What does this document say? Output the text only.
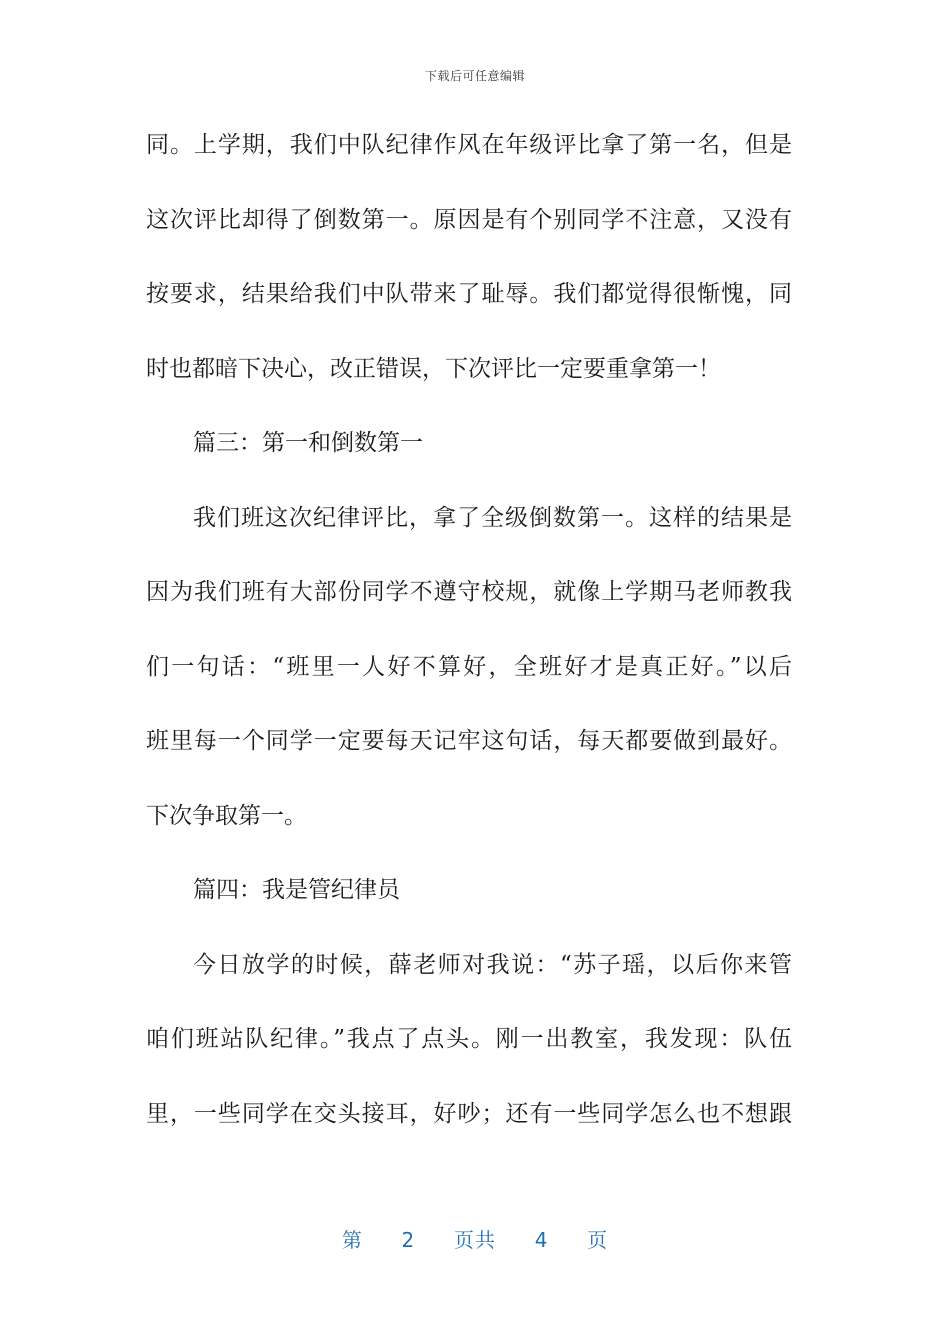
下载后可任意编辑
同。上学期，我们中队纪律作风在年级评比拿了第一名，但是
这次评比却得了倒数第一。原因是有个别同学不注意，又没有
按要求，结果给我们中队带来了耻辱。我们都觉得很惭愧，同
时也都暗下决心，改正错误，下次评比一定要重拿第一！
篇三：第一和倒数第一
我们班这次纪律评比，拿了全级倒数第一。这样的结果是
因为我们班有大部份同学不遵守校规，就像上学期马老师教我
们一句话：“班里一人好不算好，全班好才是真正好。”以后
班里每一个同学一定要每天记牢这句话，每天都要做到最好。
下次争取第一。
篇四：我是管纪律员
今日放学的时候，薛老师对我说：“苏子瑶，以后你来管
咱们班站队纪律。”我点了点头。刚一出教室，我发现：队伍
里，一些同学在交头接耳，好吵；还有一些同学怎么也不想跟
第 2 页共 4 页
